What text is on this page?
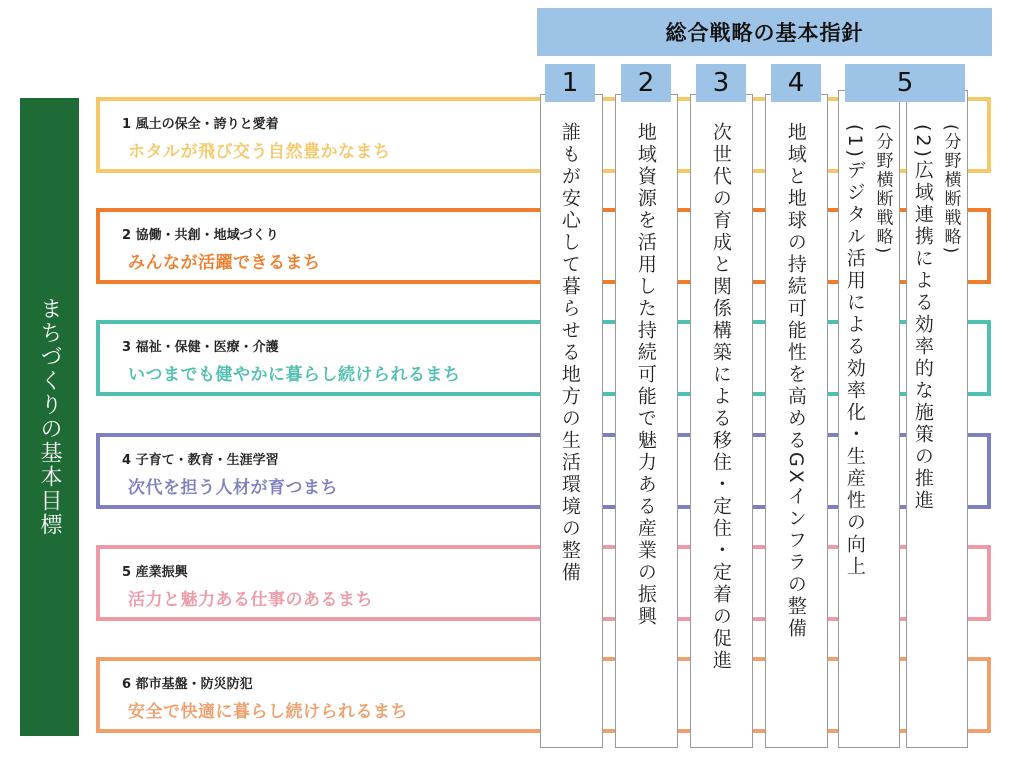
総合戦略の基本指針
まちづくりの基本目標
1 風土の保全・誇りと愛着
ホタルが飛び交う自然豊かなまち
2 協働・共創・地域づくり
みんなが活躍できるまち
3 福祉・保健・医療・介護
いつまでも健やかに暮らし続けられるまち
4 子育て・教育・生涯学習
次代を担う人材が育つまち
5 産業振興
活力と魅力ある仕事のあるまち
6 都市基盤・防災防犯
安全で快適に暮らし続けられるまち
1
誰もが安心して暮らせる地方の生活環境の整備
2
地域資源を活用した持続可能で魅力ある産業の振興
3
次世代の育成と関係構築による移住・定住・定着の促進
4
地域と地球の持続可能性を高めるGXインフラの整備
5
(分野横断戦略)
(1)デジタル活用による効率化・生産性の向上	(分野横断戦略)
(2)広域連携による効率的な施策の推進
